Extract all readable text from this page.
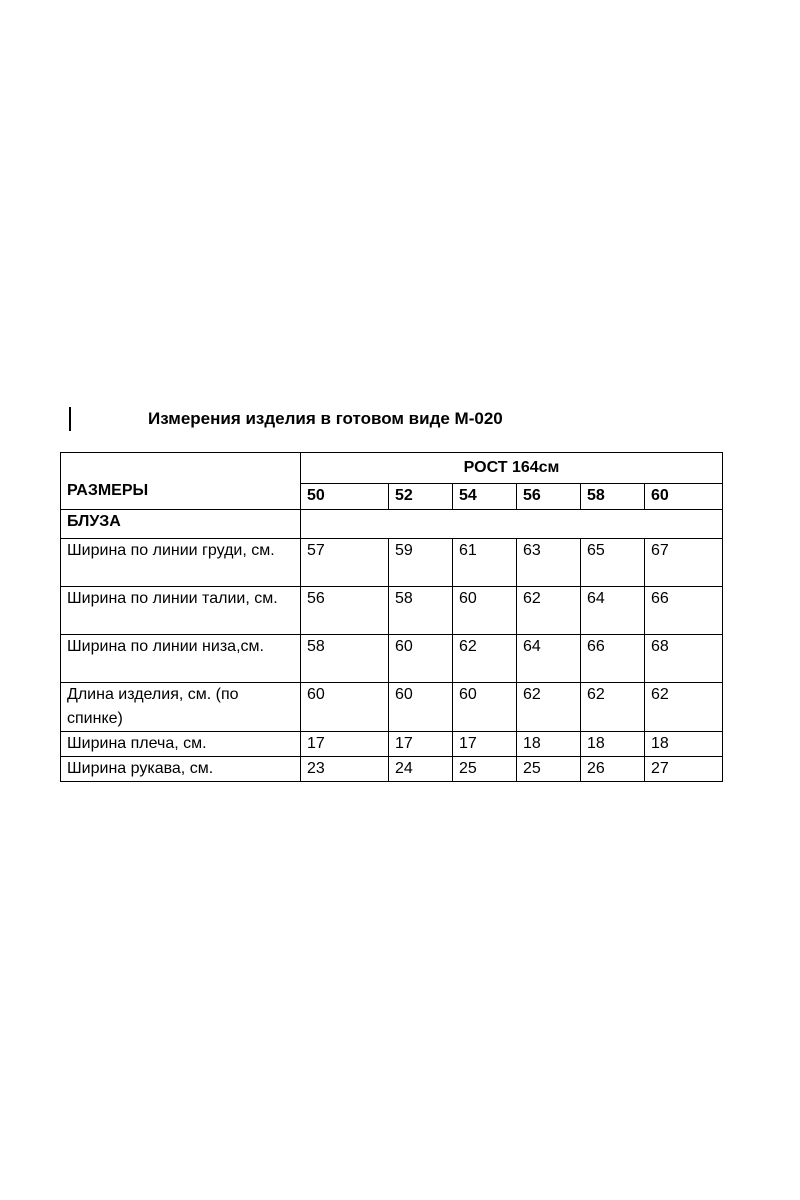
Измерения изделия в готовом виде М-020
РАЗМЕРЫ	РОСТ 164см					
	50	52	54	56	58	60
БЛУЗА						
Ширина по линии груди, см.	57	59	61	63	65	67
Ширина по линии талии, см.	56	58	60	62	64	66
Ширина по линии низа,см.	58	60	62	64	66	68
Длина изделия, см. (по спинке)	60	60	60	62	62	62
Ширина плеча, см.	17	17	17	18	18	18
Ширина рукава, см.	23	24	25	25	26	27
